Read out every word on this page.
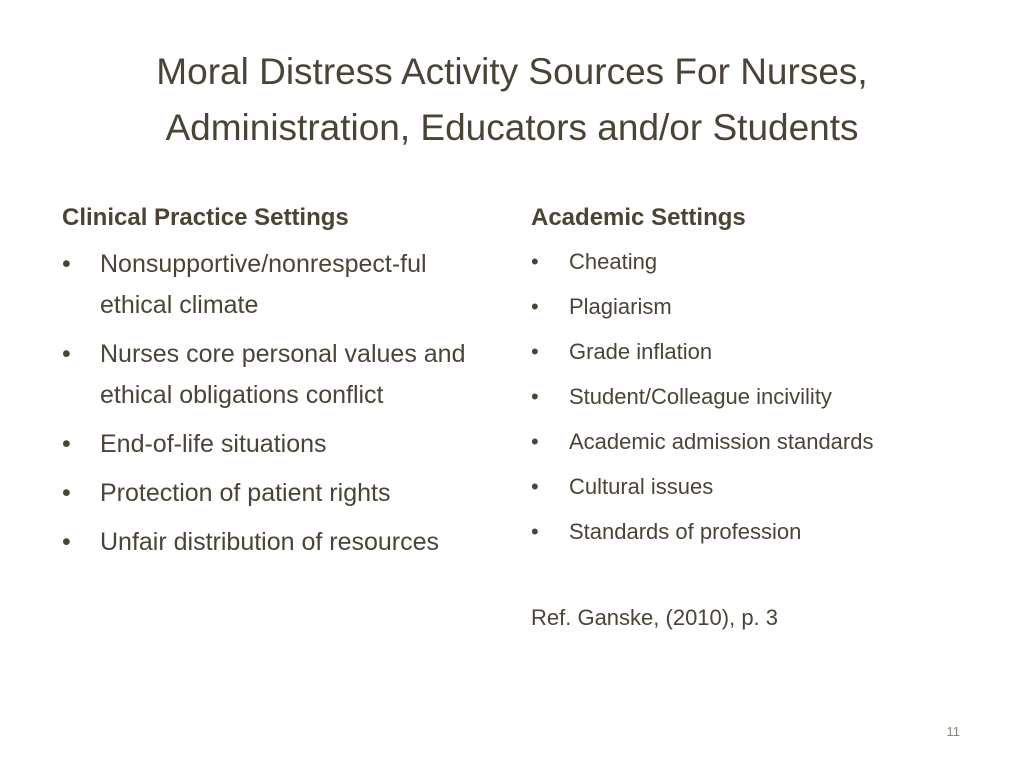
Moral Distress Activity Sources For Nurses,
Administration, Educators and/or Students
Clinical Practice Settings
• Nonsupportive/nonrespect-ful ethical climate
• Nurses core personal values and ethical obligations conflict
• End-of-life situations
• Protection of patient rights
• Unfair distribution of resources
Academic Settings
• Cheating
• Plagiarism
• Grade inflation
• Student/Colleague incivility
• Academic admission standards
• Cultural issues
• Standards of profession
Ref. Ganske, (2010), p. 3
11
